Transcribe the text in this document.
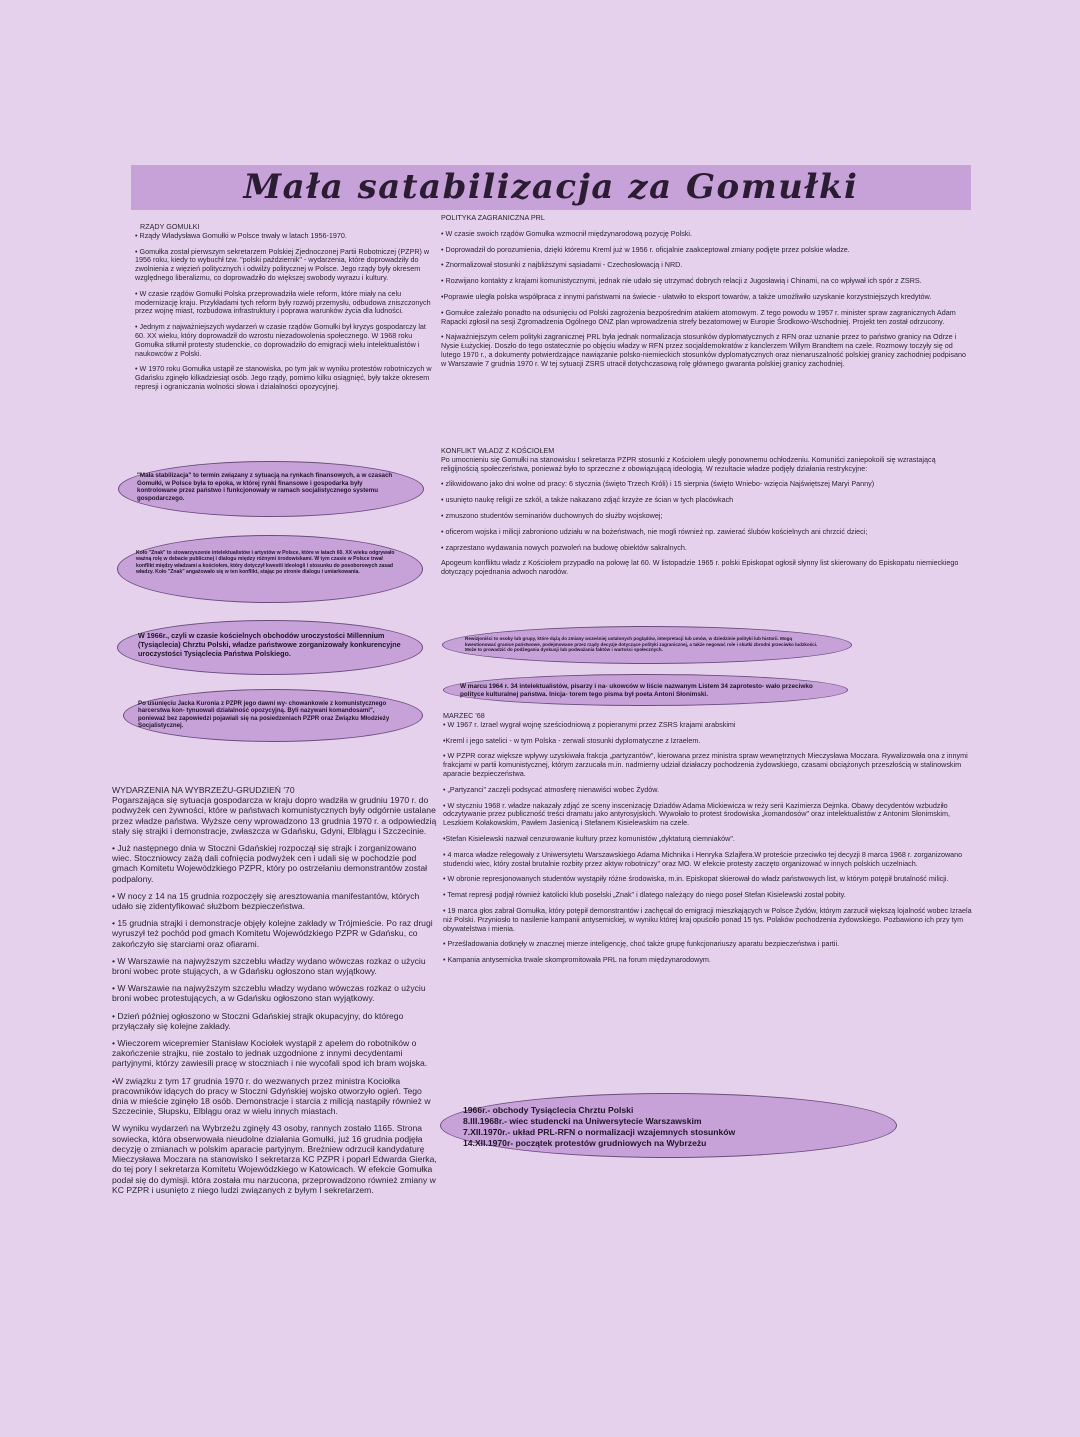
Mała satabilizacja za Gomułki

RZĄDY GOMUŁKI

• Rządy Władysława Gomułki w Polsce trwały w latach 1956-1970.

• Gomułka został pierwszym sekretarzem Polskiej Zjednoczonej Partii Robotniczej (PZPR) w 1956 roku, kiedy to wybuchł tzw. "polski październik" - wydarzenia, które doprowadziły do zwolnienia z więzień politycznych i odwilży politycznej w Polsce. Jego rządy były okresem względnego liberalizmu, co doprowadziło do większej swobody wyrazu i kultury.

• W czasie rządów Gomułki Polska przeprowadziła wiele reform, które miały na celu modernizację kraju. Przykładami tych reform były rozwój przemysłu, odbudowa zniszczonych przez wojnę miast, rozbudowa infrastruktury i poprawa warunków życia dla ludności.

• Jednym z najważniejszych wydarzeń w czasie rządów Gomułki był kryzys gospodarczy lat 60. XX wieku, który doprowadził do wzrostu niezadowolenia społecznego. W 1968 roku Gomułka stłumił protesty studenckie, co doprowadziło do emigracji wielu intelektualistów i naukowców z Polski.

• W 1970 roku Gomułka ustąpił ze stanowiska, po tym jak w wyniku protestów robotniczych w Gdańsku zginęło kilkadziesiąt osób. Jego rządy, pomimo kilku osiągnięć, były także okresem represji i ograniczania wolności słowa i działalności opozycyjnej.

"Mała stabilizacja" to termin związany z sytuacją na rynkach finansowych, a w czasach Gomułki, w Polsce była to epoka, w której rynki finansowe i gospodarka były kontrolowane przez państwo i funkcjonowały w ramach socjalistycznego systemu gospodarczego.
Koło "Znak" to stowarzyszenie intelektualistów i artystów w Polsce, które w latach 60. XX wieku odgrywało ważną rolę w debacie publicznej i dialogu między różnymi środowiskami. W tym czasie w Polsce trwał konflikt między władzami a kościołem, który dotyczył kwestii ideologii i stosunku do posoborowych zasad władzy. Koło "Znak" angażowało się w ten konflikt, stając po stronie dialogu i umiarkowania.
W 1966r., czyli w czasie kościelnych obchodów uroczystości Millennium (Tysiąclecia) Chrztu Polski, władze państwowe zorganizowały konkurencyjne uroczystości Tysiąclecia Państwa Polskiego.
Po usunięciu Jacka Kuronia z PZPR jego dawni wy- chowankowie z komunistycznego harcerstwa kon- tynuowali działalność opozycyjną. Byli nazywani komandosami", ponieważ bez zapowiedzi pojawiali się na posiedzeniach PZPR oraz Związku Młodzieży Socjalistycznej.

WYDARZENIA NA WYBRZEŻU-GRUDZIEŃ '70

Pogarszająca się sytuacja gospodarcza w kraju dopro wadziła w grudniu 1970 r. do podwyżek cen żywności, które w państwach komunistycznych były odgórnie ustalane przez władze państwa. Wyższe ceny wprowadzono 13 grudnia 1970 r. a odpowiedzią stały się strajki i demonstracje, zwłaszcza w Gdańsku, Gdyni, Elblągu i Szczecinie.

• Już następnego dnia w Stoczni Gdańskiej rozpoczął się strajk i zorganizowano wiec. Stoczniowcy zażą dali cofnięcia podwyżek cen i udali się w pochodzie pod gmach Komitetu Wojewódzkiego PZPR, który po ostrzelaniu demonstrantów został podpalony.

• W nocy z 14 na 15 grudnia rozpoczęły się aresztowania manifestantów, których udało się zidentyfikować służbom bezpieczeństwa.

• 15 grudnia strajki i demonstracje objęły kolejne zakłady w Trójmieście. Po raz drugi wyruszył też pochód pod gmach Komitetu Wojewódzkiego PZPR w Gdańsku, co zakończyło się starciami oraz ofiarami.

• W Warszawie na najwyższym szczeblu władzy wydano wówczas rozkaz o użyciu broni wobec prote stujących, a w Gdańsku ogłoszono stan wyjątkowy.

• W Warszawie na najwyższym szczeblu władzy wydano wówczas rozkaz o użyciu broni wobec protestujących, a w Gdańsku ogłoszono stan wyjątkowy.

• Dzień później ogłoszono w Stoczni Gdańskiej strajk okupacyjny, do którego przyłączały się kolejne zakłady.

• Wieczorem wicepremier Stanisław Kociołek wystąpił z apelem do robotników o zakończenie strajku, nie zostało to jednak uzgodnione z innymi decydentami partyjnymi, którzy zawiesili pracę w stoczniach i nie wycofali spod ich bram wojska.

•W związku z tym 17 grudnia 1970 r. do wezwanych przez ministra Kociołka pracowników idących do pracy w Stoczni Gdyńskiej wojsko otworzyło ogień. Tego dnia w mieście zginęło 18 osób. Demonstracje i starcia z milicją nastąpiły również w Szczecinie, Słupsku, Elblągu oraz w wielu innych miastach.

W wyniku wydarzeń na Wybrzeżu zginęły 43 osoby, rannych zostało 1165. Strona sowiecka, która obserwowała nieudolne działania Gomułki, już 16 grudnia podjęła decyzję o zmianach w polskim aparacie partyjnym. Breżniew odrzucił kandydaturę Mieczysława Moczara na stanowisko I sekretarza KC PZPR i poparł Edwarda Gierka, do tej pory I sekretarza Komitetu Wojewódzkiego w Katowicach. W efekcie Gomułka podał się do dymisji. która została mu narzucona, przeprowadzono również zmiany w KC PZPR i usunięto z niego ludzi związanych z byłym I sekretarzem.

POLITYKA ZAGRANICZNA PRL

• W czasie swoich rządów Gomułka wzmocnił międzynarodową pozycję Polski.

• Doprowadził do porozumienia, dzięki któremu Kreml już w 1956 r. oficjalnie zaakceptował zmiany podjęte przez polskie władze.

• Znormalizował stosunki z najbliższymi sąsiadami - Czechosłowacją i NRD.

• Rozwijano kontakty z krajami komunistycznymi, jednak nie udało się utrzymać dobrych relacji z Jugosławią i Chinami, na co wpływał ich spór z ZSRS.

•Poprawie uległa polska współpraca z innymi państwami na świecie - ułatwiło to eksport towarów, a także umożliwiło uzyskanie korzystniejszych kredytów.

• Gomułce zależało ponadto na odsunięciu od Polski zagrożenia bezpośrednim atakiem atomowym. Z tego powodu w 1957 r. minister spraw zagranicznych Adam Rapacki zgłosił na sesji Zgromadzenia Ogólnego ONZ plan wprowadzenia strefy bezatomowej w Europie Środkowo-Wschodniej. Projekt ten został odrzucony.

• Najważniejszym celem polityki zagranicznej PRL była jednak normalizacja stosunków dyplomatycznych z RFN oraz uznanie przez to państwo granicy na Odrze i Nysie Łużyckiej. Doszło do tego ostatecznie po objęciu władzy w RFN przez socjaldemokratów z kanclerzem Willym Brandtem na czele. Rozmowy toczyły się od lutego 1970 r., a dokumenty potwierdzające nawiązanie polsko-niemieckich stosunków dyplomatycznych oraz nienaruszalność polskiej granicy zachodniej podpisano w Warszawie 7 grudnia 1970 r. W tej sytuacji ZSRS utracił dotychczasową rolę głównego gwaranta polskiej granicy zachodniej.

KONFLIKT WŁADZ Z KOŚCIOŁEM

Po umocnieniu się Gomułki na stanowisku I sekretarza PZPR stosunki z Kościołem uległy ponownemu ochłodzeniu. Komuniści zaniepokoili się wzrastającą religijnością społeczeństwa, ponieważ było to sprzeczne z obowiązującą ideologią. W rezultacie władze podjęły działania restrykcyjne:

• zlikwidowano jako dni wolne od pracy: 6 stycznia (święto Trzech Króli) i 15 sierpnia (święto Wniebo- wzięcia Najświętszej Maryi Panny)

• usunięto naukę religii ze szkół, a także nakazano zdjąć krzyże ze ścian w tych placówkach

• zmuszono studentów seminariów duchownych do służby wojskowej;

• oficerom wojska i milicji zabroniono udziału w na bożeństwach, nie mogli również np. zawierać ślubów kościelnych ani chrzcić dzieci;

• zaprzestano wydawania nowych pozwoleń na budowę obiektów sakralnych.

Apogeum konfliktu władz z Kościołem przypadło na połowę lat 60. W listopadzie 1965 r. polski Episkopat ogłosił słynny list skierowany do Episkopatu niemieckiego dotyczący pojednania adwoch narodów.

Rewizjoniści to osoby lub grupy, które dążą do zmiany wcześniej ustalonych poglądów, interpretacji lub umów, w dziedzinie polityki lub historii. Mogą kwestionować granice państwowe, podejmowane przez rządy decyzje dotyczące polityki zagranicznej, a także negować role i skutki zbrodni przeciwko ludzkości. Może to prowadzić do podżegania dyskusji lub podważania faktów i wartości społecznych.
W marcu 1964 r. 34 intelektualistów, pisarzy i na- ukowców w liście nazwanym Listem 34 zaprotesto- wało przeciwko polityce kulturalnej państwa. Inicja- torem tego pisma był poeta Antoni Słonimski.

MARZEC '68

• W 1967 r. Izrael wygrał wojnę sześciodniową z popieranymi przez ZSRS krajami arabskimi

•Kreml i jego satelici - w tym Polska - zerwali stosunki dyplomatyczne z Izraelem.

• W PZPR coraz większe wpływy uzyskiwała frakcja „partyzantów", kierowana przez ministra spraw wewnętrznych Mieczysława Moczara. Rywalizowała ona z innymi frakcjami w partii komunistycznej, którym zarzucała m.in. nadmierny udział działaczy pochodzenia żydowskiego, czasami obciążonych przeszłością w stalinowskim aparacie bezpieczeństwa.

• „Partyzanci" zaczęli podsycać atmosferę nienawiści wobec Żydów.

• W styczniu 1968 r. władze nakazały zdjąć ze sceny inscenizację Dziadów Adama Mickiewicza w reży serii Kazimierza Dejmka. Obawy decydentów wzbudziło odczytywanie przez publiczność treści dramatu jako antyrosyjskich. Wywołało to protest środowiska „komandosów" oraz intelektualistów z Antonim Słonimskim, Leszkiem Kołakowskim, Pawłem Jasienicą i Stefanem Kisielewskim na czele.

•Stefan Kisielewski nazwał cenzurowanie kultury przez komunistów „dyktaturą ciemniaków".

• 4 marca władze relegowały z Uniwersytetu Warszawskiego Adama Michnika i Henryka Szlajfera.W proteście przeciwko tej decyzji 8 marca 1968 r. zorganizowano studencki wiec, który został brutalnie rozbity przez aktyw robotniczy" oraz MO. W efekcie protesty zaczęto organizować w innych polskich uczelniach.

• W obronie represjonowanych studentów wystąpiły różne środowiska, m.in. Episkopat skierował do władz państwowych list, w którym potępił brutalność milicji.

• Temat represji podjął również katolicki klub poselski „Znak" i dlatego należący do niego poseł Stefan Kisielewski został pobity.

• 19 marca głos zabrał Gomułka, który potępił demonstrantów i zachęcał do emigracji mieszkających w Polsce Żydów, którym zarzucił większą lojalność wobec Izraela niż Polski. Przyniosło to nasilenie kampanii antysemickiej, w wyniku której kraj opuściło ponad 15 tys. Polaków pochodzenia żydowskiego. Pozbawiono ich przy tym obywatelstwa i mienia.

• Prześladowania dotknęły w znacznej mierze inteligencję, choć także grupę funkcjonariuszy aparatu bezpieczeństwa i partii.

• Kampania antysemicka trwale skompromitowała PRL na forum międzynarodowym.

1966r.- obchody Tysiąclecia Chrztu Polski
8.III.1968r.- wiec studencki na Uniwersytecie Warszawskim
7.XII.1970r.- układ PRL-RFN o normalizacji wzajemnych stosunków
14.XII.1970r- początek protestów grudniowych na Wybrzeżu
